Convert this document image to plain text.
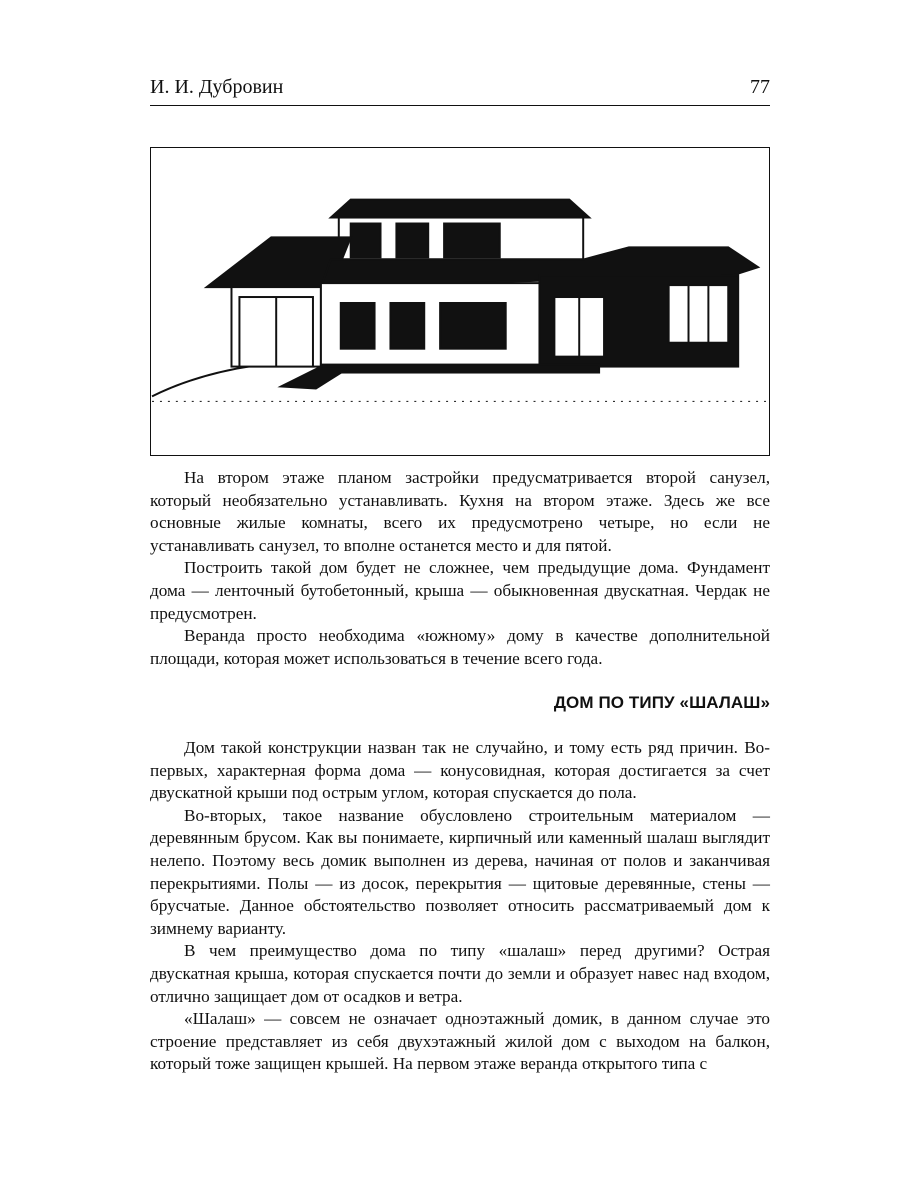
И. И. Дубровин	77

На втором этаже планом застройки предусматривается второй санузел, который необязательно устанавливать. Кухня на втором этаже. Здесь же все основные жилые комнаты, всего их предусмотрено четыре, но если не устанавливать санузел, то вполне останется место и для пятой.

Построить такой дом будет не сложнее, чем предыдущие дома. Фундамент дома — ленточный бутобетонный, крыша — обыкновенная двускатная. Чердак не предусмотрен.

Веранда просто необходима «южному» дому в качестве дополнительной площади, которая может использоваться в течение всего года.

ДОМ ПО ТИПУ «ШАЛАШ»

Дом такой конструкции назван так не случайно, и тому есть ряд причин. Во-первых, характерная форма дома — конусовидная, которая достигается за счет двускатной крыши под острым углом, которая спускается до пола.

Во-вторых, такое название обусловлено строительным материалом — деревянным брусом. Как вы понимаете, кирпичный или каменный шалаш выглядит нелепо. Поэтому весь домик выполнен из дерева, начиная от полов и заканчивая перекрытиями. Полы — из досок, перекрытия — щитовые деревянные, стены — брусчатые. Данное обстоятельство позволяет относить рассматриваемый дом к зимнему варианту.

В чем преимущество дома по типу «шалаш» перед другими? Острая двускатная крыша, которая спускается почти до земли и образует навес над входом, отлично защищает дом от осадков и ветра.

«Шалаш» — совсем не означает одноэтажный домик, в данном случае это строение представляет из себя двухэтажный жилой дом с выходом на балкон, который тоже защищен крышей. На первом этаже веранда открытого типа с
